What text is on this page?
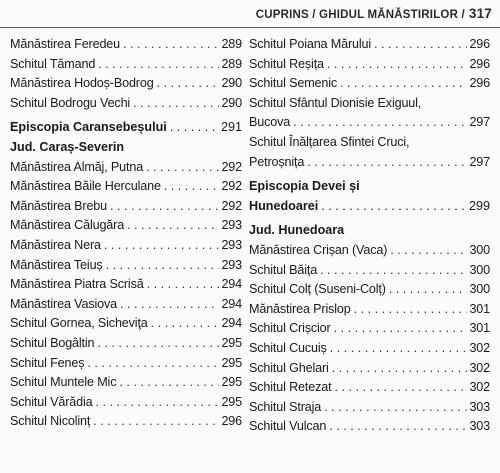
CUPRINS / GHIDUL MĂNĂSTIRILOR / 317
Mănăstirea Feredeu . . .	289
Schitul Tămand . . .	289
Mănăstirea Hodoș-Bodrog . . .	290
Schitul Bodrogu Vechi . . .	290
Episcopia Caransebeșului . . .	291
Jud. Caraș-Severin
Mănăstirea Almăj, Putna . . .	292
Mănăstirea Băile Herculane . . .	292
Mănăstirea Brebu . . .	292
Mănăstirea Călugăra . . .	293
Mănăstirea Nera . . .	293
Mănăstirea Teiuș . . .	293
Mănăstirea Piatra Scrisă . . .	294
Mănăstirea Vasiova . . .	294
Schitul Gornea, Sicheviţa . . .	294
Schitul Bogâltin . . .	295
Schitul Feneș . . .	295
Schitul Muntele Mic . . .	295
Schitul Vărădia . . .	295
Schitul Nicolinț . . .	296
Schitul Poiana Mărului . . .	296
Schitul Reșița . . .	296
Schitul Semenic . . .	296
Schitul Sfântul Dionisie Exiguul,
Bucova . . .	297
Schitul Înălțarea Sfintei Cruci,
Petroșnița . . .	297
Episcopia Devei și
Hunedoarei . . .	299
Jud. Hunedoara
Mănăstirea Crișan (Vaca) . . .	300
Schitul Băița . . .	300
Schitul Colț (Suseni-Colț) . . .	300
Mănăstirea Prislop . . .	301
Schitul Crișcior . . .	301
Schitul Cucuiș . . .	302
Schitul Ghelari . . .	302
Schitul Retezat . . .	302
Schitul Straja . . .	303
Schitul Vulcan . . .	303
